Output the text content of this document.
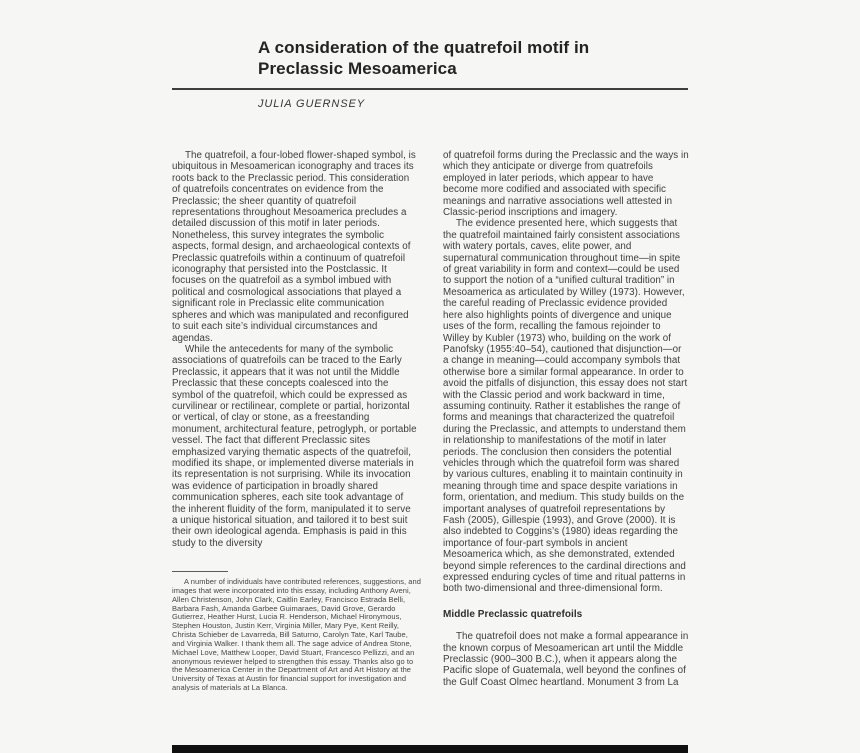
A consideration of the quatrefoil motif in
Preclassic Mesoamerica
JULIA GUERNSEY

The quatrefoil, a four-lobed flower-shaped symbol, is ubiquitous in Mesoamerican iconography and traces its roots back to the Preclassic period. This consideration of quatrefoils concentrates on evidence from the Preclassic; the sheer quantity of quatrefoil representations throughout Mesoamerica precludes a detailed discussion of this motif in later periods. Nonetheless, this survey integrates the symbolic aspects, formal design, and archaeological contexts of Preclassic quatrefoils within a continuum of quatrefoil iconography that persisted into the Postclassic. It focuses on the quatrefoil as a symbol imbued with political and cosmological associations that played a significant role in Preclassic elite communication spheres and which was manipulated and reconfigured to suit each site’s individual circumstances and agendas.

While the antecedents for many of the symbolic associations of quatrefoils can be traced to the Early Preclassic, it appears that it was not until the Middle Preclassic that these concepts coalesced into the symbol of the quatrefoil, which could be expressed as curvilinear or rectilinear, complete or partial, horizontal or vertical, of clay or stone, as a freestanding monument, architectural feature, petroglyph, or portable vessel. The fact that different Preclassic sites emphasized varying thematic aspects of the quatrefoil, modified its shape, or implemented diverse materials in its representation is not surprising. While its invocation was evidence of participation in broadly shared communication spheres, each site took advantage of the inherent fluidity of the form, manipulated it to serve a unique historical situation, and tailored it to best suit their own ideological agenda. Emphasis is paid in this study to the diversity

of quatrefoil forms during the Preclassic and the ways in which they anticipate or diverge from quatrefoils employed in later periods, which appear to have become more codified and associated with specific meanings and narrative associations well attested in Classic-period inscriptions and imagery.

The evidence presented here, which suggests that the quatrefoil maintained fairly consistent associations with watery portals, caves, elite power, and supernatural communication throughout time—in spite of great variability in form and context—could be used to support the notion of a “unified cultural tradition” in Mesoamerica as articulated by Willey (1973). However, the careful reading of Preclassic evidence provided here also highlights points of divergence and unique uses of the form, recalling the famous rejoinder to Willey by Kubler (1973) who, building on the work of Panofsky (1955:40–54), cautioned that disjunction—or a change in meaning—could accompany symbols that otherwise bore a similar formal appearance. In order to avoid the pitfalls of disjunction, this essay does not start with the Classic period and work backward in time, assuming continuity. Rather it establishes the range of forms and meanings that characterized the quatrefoil during the Preclassic, and attempts to understand them in relationship to manifestations of the motif in later periods. The conclusion then considers the potential vehicles through which the quatrefoil form was shared by various cultures, enabling it to maintain continuity in meaning through time and space despite variations in form, orientation, and medium. This study builds on the important analyses of quatrefoil representations by Fash (2005), Gillespie (1993), and Grove (2000). It is also indebted to Coggins’s (1980) ideas regarding the importance of four-part symbols in ancient Mesoamerica which, as she demonstrated, extended beyond simple references to the cardinal directions and expressed enduring cycles of time and ritual patterns in both two-dimensional and three-dimensional form.

Middle Preclassic quatrefoils

The quatrefoil does not make a formal appearance in the known corpus of Mesoamerican art until the Middle Preclassic (900–300 B.C.), when it appears along the Pacific slope of Guatemala, well beyond the confines of the Gulf Coast Olmec heartland. Monument 3 from La

A number of individuals have contributed references, suggestions, and images that were incorporated into this essay, including Anthony Aveni, Allen Christenson, John Clark, Caitlin Earley, Francisco Estrada Belli, Barbara Fash, Amanda Garbee Guimaraes, David Grove, Gerardo Gutierrez, Heather Hurst, Lucia R. Henderson, Michael Hironymous, Stephen Houston, Justin Kerr, Virginia Miller, Mary Pye, Kent Reilly, Christa Schieber de Lavarreda, Bill Saturno, Carolyn Tate, Karl Taube, and Virginia Walker. I thank them all. The sage advice of Andrea Stone, Michael Love, Matthew Looper, David Stuart, Francesco Pellizzi, and an anonymous reviewer helped to strengthen this essay. Thanks also go to the Mesoamerica Center in the Department of Art and Art History at the University of Texas at Austin for financial support for investigation and analysis of materials at La Blanca.
